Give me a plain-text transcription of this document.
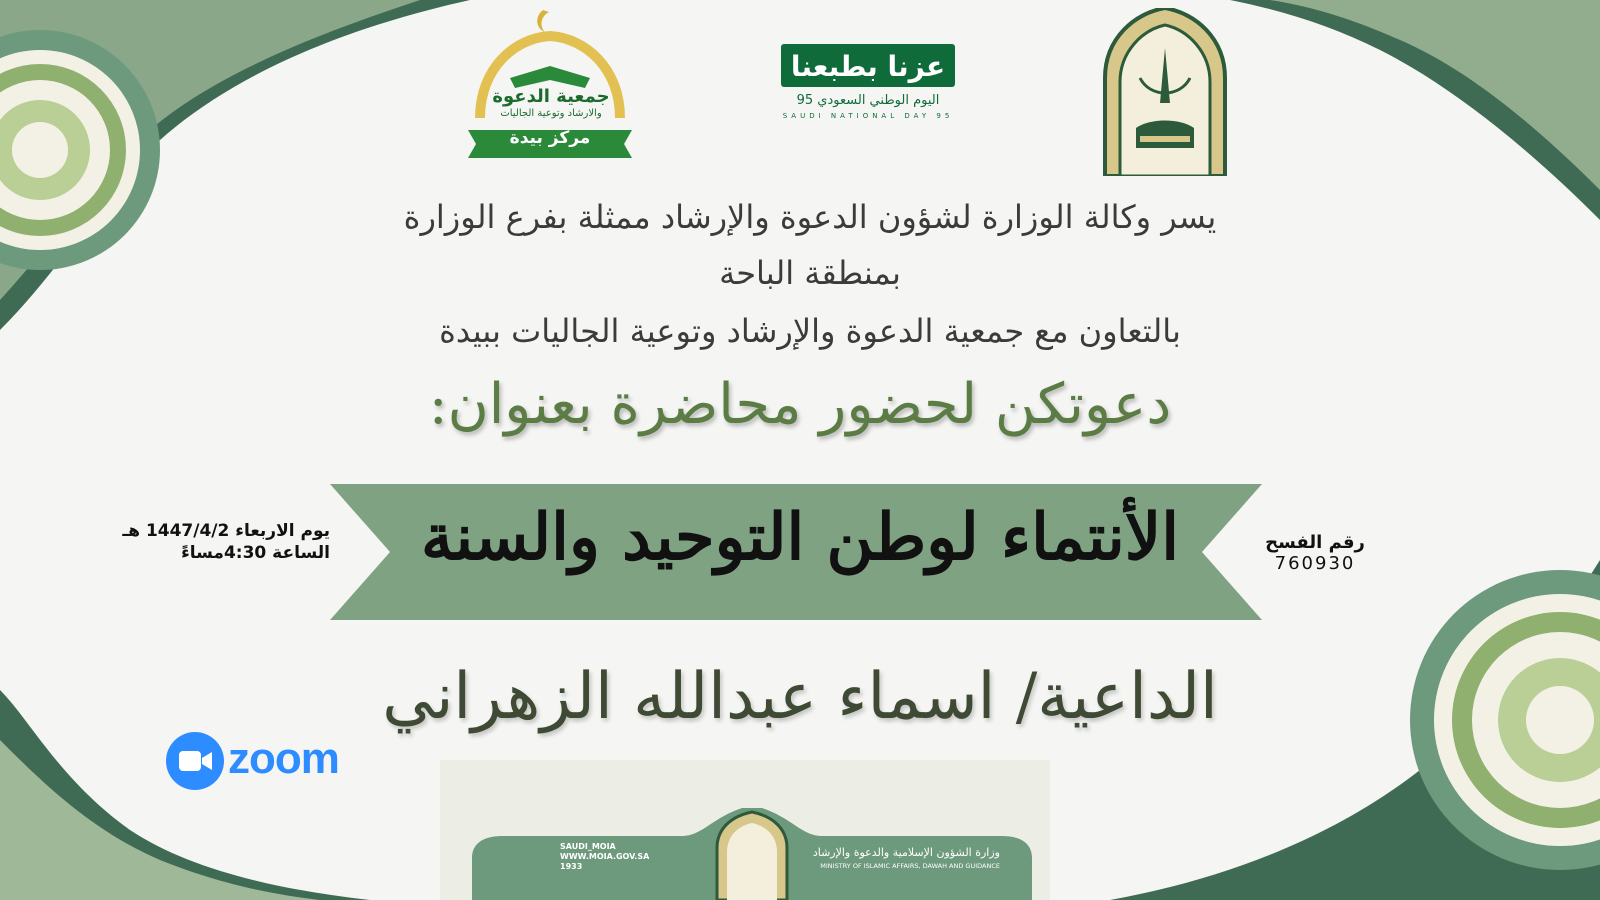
عزنا بطبعنا
اليوم الوطني السعودي 95
SAUDI NATIONAL DAY 95
جمعية الدعوة
والارشاد وتوعية الجاليات
مركز بيدة
يسر وكالة الوزارة لشؤون الدعوة والإرشاد ممثلة بفرع الوزارة
بمنطقة الباحة
بالتعاون مع جمعية الدعوة والإرشاد وتوعية الجاليات ببيدة
دعوتكن لحضور محاضرة بعنوان:
الأنتماء لوطن التوحيد والسنة
يوم الاربعاء 1447/4/2 هـ
الساعة 4:30مساءً	رقم الفسح
760930
الداعية/ اسماء عبدالله الزهراني
zoom
وزارة الشؤون الإسلامية والدعوة والإرشاد
MINISTRY OF ISLAMIC AFFAIRS, DAWAH AND GUIDANCE
SAUDI_MOIA
WWW.MOIA.GOV.SA
1933
